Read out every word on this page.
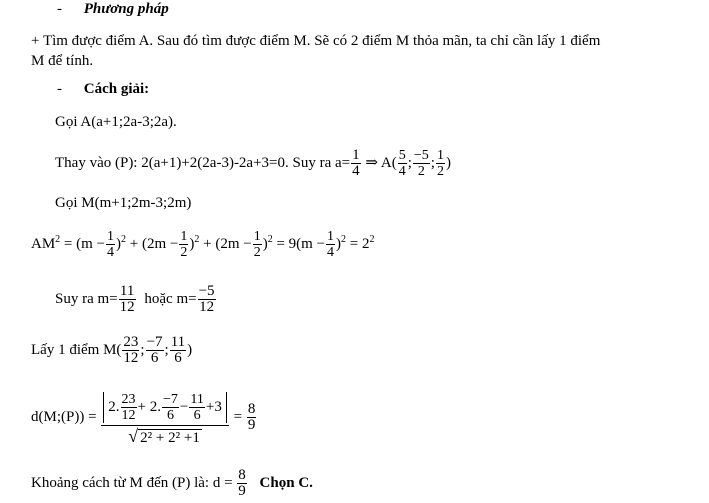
- Phương pháp
+ Tìm được điểm A. Sau đó tìm được điểm M. Sẽ có 2 điểm M thỏa mãn, ta chỉ cần lấy 1 điểm
M để tính.
- Cách giải:
Gọi A(a+1;2a-3;2a).
Thay vào (P): 2(a+1)+2(2a-3)-2a+3=0. Suy ra $a= \frac{1}{4}$ ⇒ $A( \frac{5}{4}$ ; $\frac{-5}{2}$ ; $\frac{1}{2}$ )
Gọi M(m+1;2m-3;2m)
$AM^2 = (m - \frac{1}{4} )^2 + (2m - \frac{1}{2} )^2 + (2m - \frac{1}{2} )^2 = 9(m - \frac{1}{4} )^2 = 2^2$
Suy ra $m= \frac{11}{12}$ hoặc $m= \frac{-5}{12}$
Lấy 1 điểm $M( \frac{23}{12}$ ; $\frac{-7}{6}$ ; $\frac{11}{6}$ )
d(M;(P)) = $\frac{2. \frac{23}{12} + 2. \frac{-7}{6} - \frac{11}{6} +3}{\text{√ 2² + 2² +1}} = \frac{8}{9}$
Khoảng cách từ M đến (P) là: $d = \frac{8}{9}$ Chọn C.
